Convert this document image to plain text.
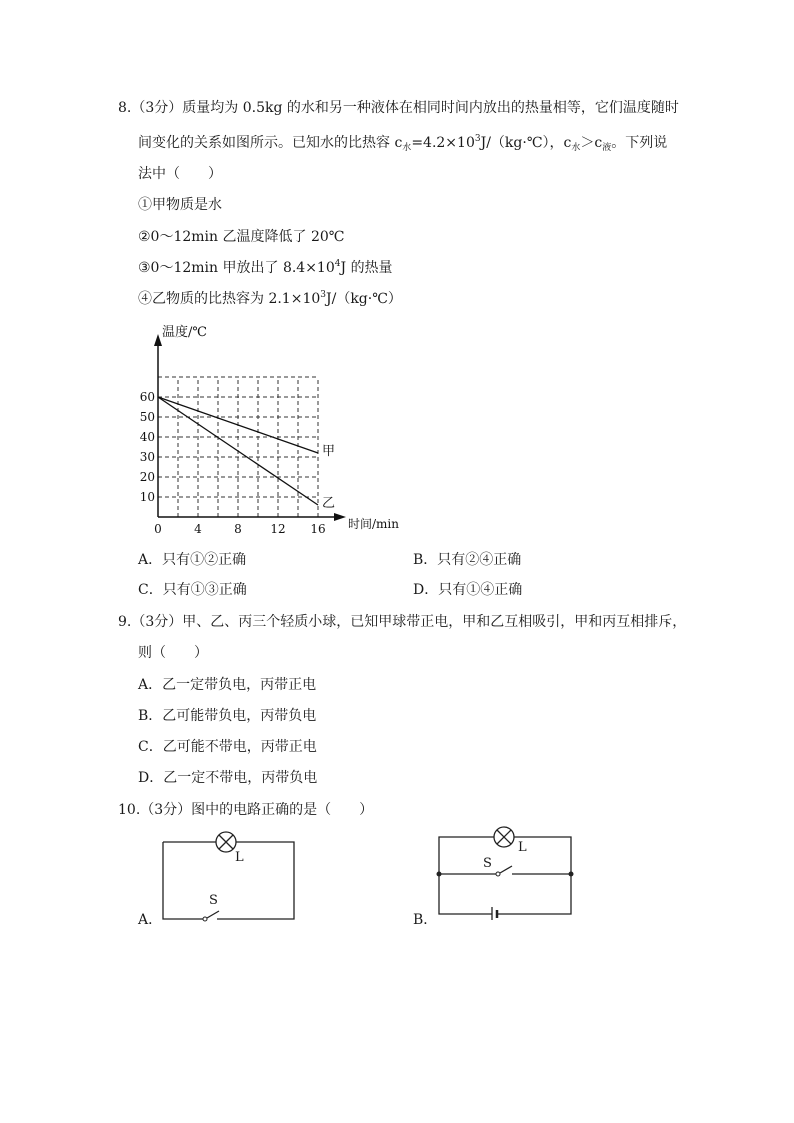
8.（3分）质量均为 0.5kg 的水和另一种液体在相同时间内放出的热量相等，它们温度随时
间变化的关系如图所示。已知水的比热容 $c_水=4.2\times 10^3J/(kg\cdot℃)$，$c_水>c_液$。下列说
法中（　　）
①甲物质是水
②0～12min 乙温度降低了 20℃
③0～12min 甲放出了 $8.4\times 10^4J$ 的热量
④乙物质的比热容为 $2.1\times 10^3J/(kg\cdot℃)$
甲
乙
10
20
30
40
50
60
0	4	8 12 16
温度/℃
时间/min
A．只有①②正确	B．只有②④正确
C．只有①③正确	D．只有①④正确
9.（3分）甲、乙、丙三个轻质小球，已知甲球带正电，甲和乙互相吸引，甲和丙互相排斥，
则（　　）
A．乙一定带负电，丙带正电
B．乙可能带负电，丙带负电
C．乙可能不带电，丙带正电
D．乙一定不带电，丙带负电
10.（3分）图中的电路正确的是（　　）
A．
L
S
B．
L
S
